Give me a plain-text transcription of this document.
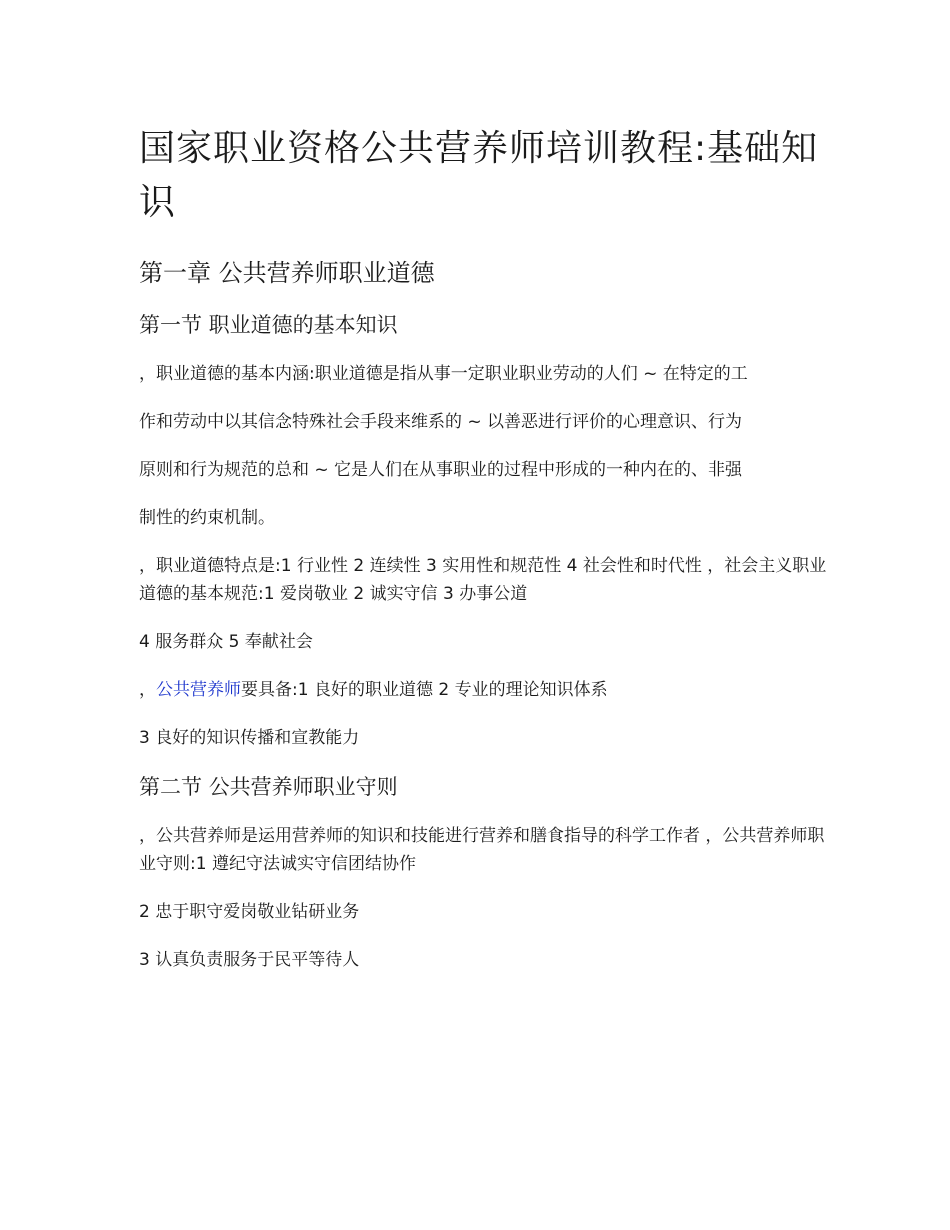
国家职业资格公共营养师培训教程:基础知识
第一章 公共营养师职业道德
第一节 职业道德的基本知识

，职业道德的基本内涵:职业道德是指从事一定职业职业劳动的人们 ~ 在特定的工

作和劳动中以其信念特殊社会手段来维系的 ~ 以善恶进行评价的心理意识、行为

原则和行为规范的总和 ~ 它是人们在从事职业的过程中形成的一种内在的、非强

制性的约束机制。

，职业道德特点是:1 行业性 2 连续性 3 实用性和规范性 4 社会性和时代性 ，社会主义职业道德的基本规范:1 爱岗敬业 2 诚实守信 3 办事公道

4 服务群众 5 奉献社会

，公共营养师要具备:1 良好的职业道德 2 专业的理论知识体系

3 良好的知识传播和宣教能力

第二节 公共营养师职业守则

，公共营养师是运用营养师的知识和技能进行营养和膳食指导的科学工作者 ，公共营养师职业守则:1 遵纪守法诚实守信团结协作

2 忠于职守爱岗敬业钻研业务

3 认真负责服务于民平等待人
